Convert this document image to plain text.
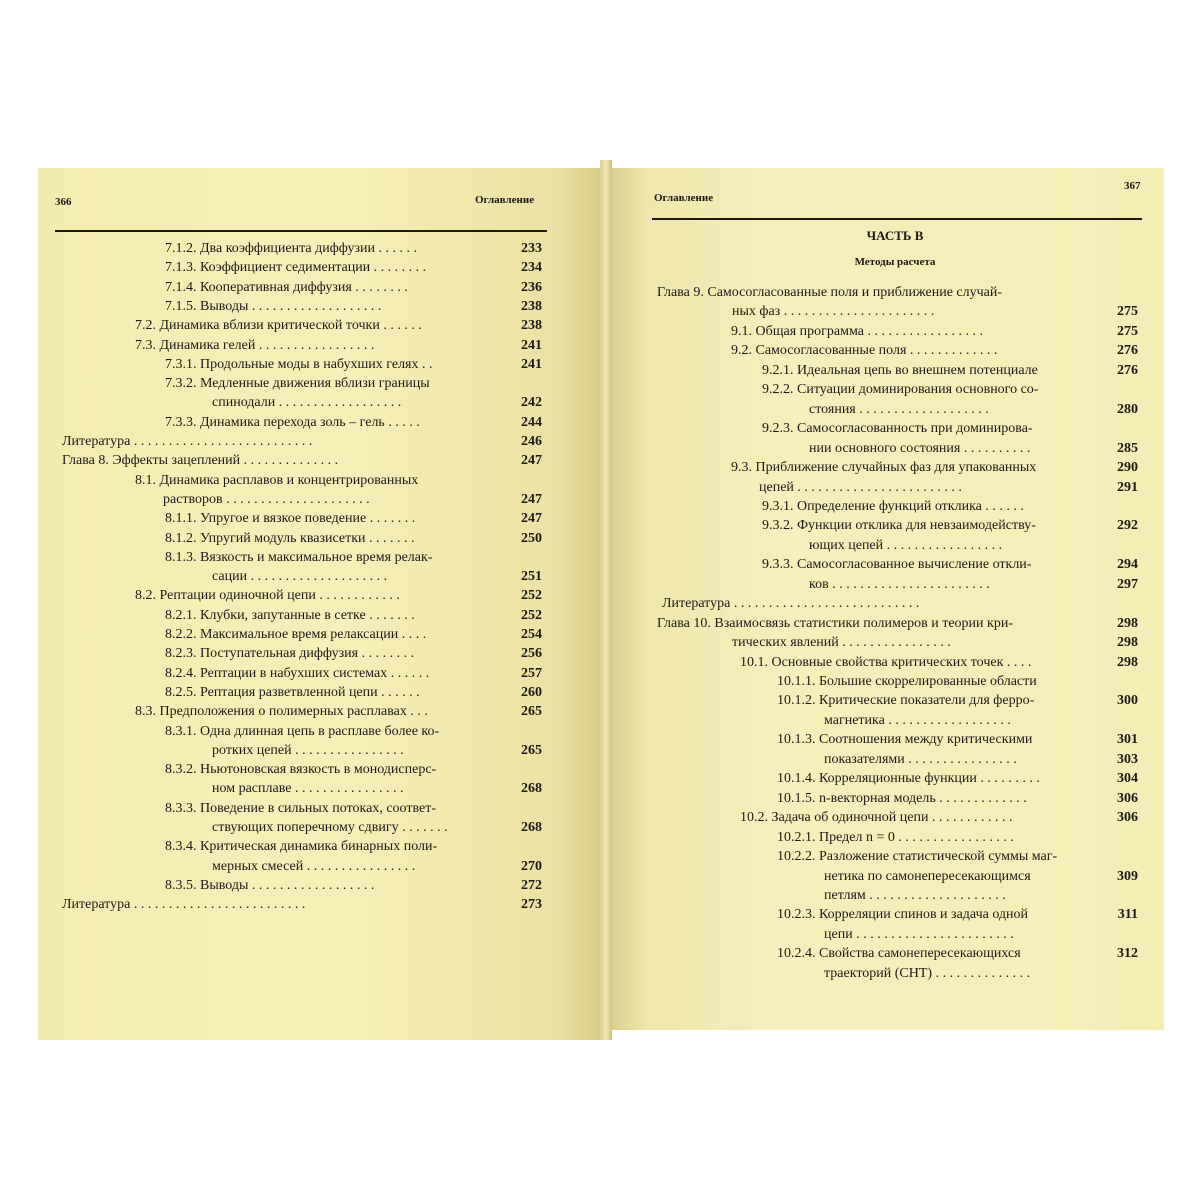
366	Оглавление	Оглавление
367
ЧАСТЬ В
Методы расчета
7.1.2. Два коэффициента диффузии . . . . . .	233
7.1.3. Коэффициент седиментации . . . . . . . .	234
7.1.4. Кооперативная диффузия . . . . . . . .	236
7.1.5. Выводы . . . . . . . . . . . . . . . . . . .	238
7.2. Динамика вблизи критической точки . . . . . .	238
7.3. Динамика гелей . . . . . . . . . . . . . . . . .	241
7.3.1. Продольные моды в набухших гелях . .	241
7.3.2. Медленные движения вблизи границы
спинодали . . . . . . . . . . . . . . . . . .	242
7.3.3. Динамика перехода золь – гель . . . . .	244
Литература . . . . . . . . . . . . . . . . . . . . . . . . . .	246
Глава 8. Эффекты зацеплений . . . . . . . . . . . . . .	247
8.1. Динамика расплавов и концентрированных
растворов . . . . . . . . . . . . . . . . . . . . .	247
8.1.1. Упругое и вязкое поведение . . . . . . .	247
8.1.2. Упругий модуль квазисетки . . . . . . .	250
8.1.3. Вязкость и максимальное время релак-
сации . . . . . . . . . . . . . . . . . . . .	251
8.2. Рептации одиночной цепи . . . . . . . . . . . .	252
8.2.1. Клубки, запутанные в сетке . . . . . . .	252
8.2.2. Максимальное время релаксации . . . .	254
8.2.3. Поступательная диффузия . . . . . . . .	256
8.2.4. Рептации в набухших системах . . . . . .	257
8.2.5. Рептация разветвленной цепи . . . . . .	260
8.3. Предположения о полимерных расплавах . . .	265
8.3.1. Одна длинная цепь в расплаве более ко-
ротких цепей . . . . . . . . . . . . . . . .	265
8.3.2. Ньютоновская вязкость в монодисперс-
ном расплаве . . . . . . . . . . . . . . . .	268
8.3.3. Поведение в сильных потоках, соответ-
ствующих поперечному сдвигу . . . . . . .	268
8.3.4. Критическая динамика бинарных поли-
мерных смесей . . . . . . . . . . . . . . . .	270
8.3.5. Выводы . . . . . . . . . . . . . . . . . .	272
Литература . . . . . . . . . . . . . . . . . . . . . . . . .	273
Глава 9. Самосогласованные поля и приближение случай-
ных фаз . . . . . . . . . . . . . . . . . . . . . .	275
9.1. Общая программа . . . . . . . . . . . . . . . . .	275
9.2. Самосогласованные поля . . . . . . . . . . . . .	276
9.2.1. Идеальная цепь во внешнем потенциале	276
9.2.2. Ситуации доминирования основного со-
стояния . . . . . . . . . . . . . . . . . . .	280
9.2.3. Самосогласованность при доминирова-
нии основного состояния . . . . . . . . . .	285
9.3. Приближение случайных фаз для упакованных	290
цепей . . . . . . . . . . . . . . . . . . . . . . . .	291
9.3.1. Определение функций отклика . . . . . .
9.3.2. Функции отклика для невзаимодейству-	292
ющих цепей . . . . . . . . . . . . . . . . .
9.3.3. Самосогласованное вычисление откли-	294
ков . . . . . . . . . . . . . . . . . . . . . . .	297
Литература . . . . . . . . . . . . . . . . . . . . . . . . . . .
Глава 10. Взаимосвязь статистики полимеров и теории кри-	298
тических явлений . . . . . . . . . . . . . . . .	298
10.1. Основные свойства критических точек . . . .	298
10.1.1. Большие скоррелированные области
10.1.2. Критические показатели для ферро-	300
магнетика . . . . . . . . . . . . . . . . . .
10.1.3. Соотношения между критическими	301
показателями . . . . . . . . . . . . . . . .	303
10.1.4. Корреляционные функции . . . . . . . . .	304
10.1.5. n-векторная модель . . . . . . . . . . . . .	306
10.2. Задача об одиночной цепи . . . . . . . . . . . .	306
10.2.1. Предел n = 0 . . . . . . . . . . . . . . . . .
10.2.2. Разложение статистической суммы маг-
нетика по самонепересекающимся	309
петлям . . . . . . . . . . . . . . . . . . . .
10.2.3. Корреляции спинов и задача одной	311
цепи . . . . . . . . . . . . . . . . . . . . . . .
10.2.4. Свойства самонепересекающихся	312
траекторий (СНТ) . . . . . . . . . . . . . .
